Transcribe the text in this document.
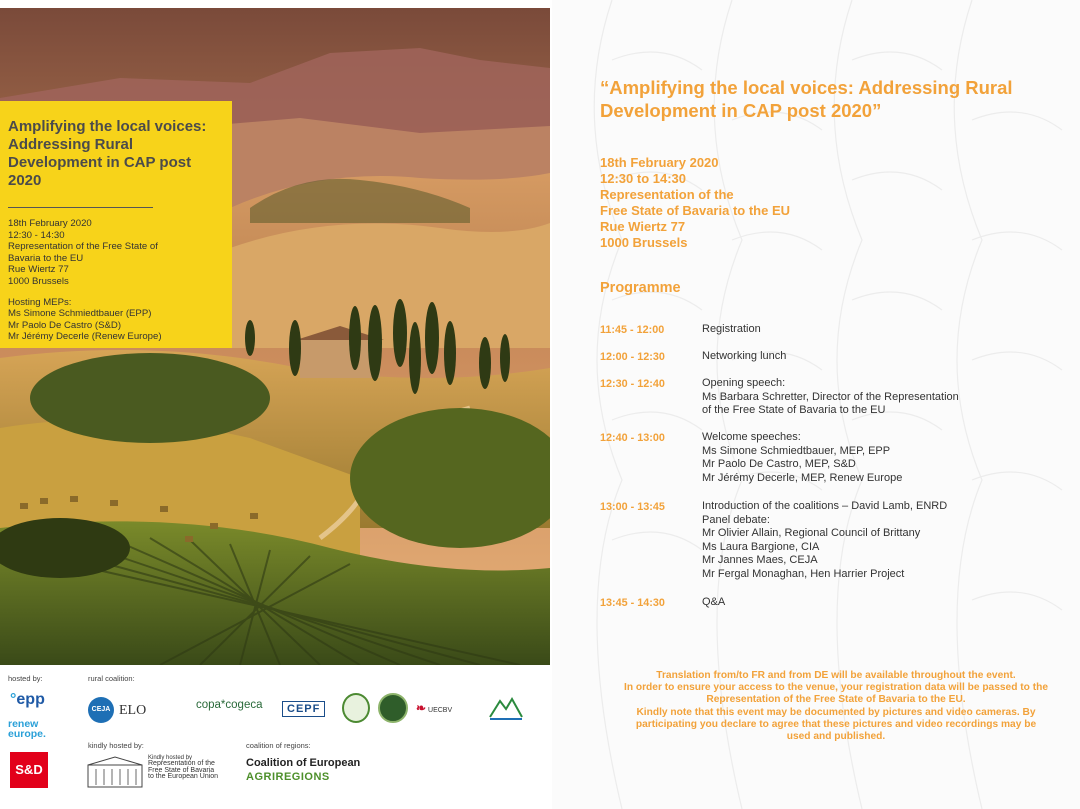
Amplifying the local voices: Addressing Rural Development in CAP post 2020
18th February 2020
12:30 - 14:30
Representation of the Free State of
Bavaria to the EU
Rue Wiertz 77
1000 Brussels
Hosting MEPs:
Ms Simone Schmiedtbauer (EPP)
Mr Paolo De Castro (S&D)
Mr Jérémy Decerle (Renew Europe)
hosted by:	rural coalition:
kindly hosted by:	coalition of regions:
°epp
renew
europe.
S&D
CEJA ELO	copa*cogeca	CEPF	❧ UECBV
Kindly hosted by
Representation of the
Free State of Bavaria
to the European Union
Coalition of European
AGRIREGIONS
“Amplifying the local voices: Addressing Rural Development in CAP post 2020”
18th February 2020
12:30 to 14:30
Representation of the
Free State of Bavaria to the EU
Rue Wiertz 77
1000 Brussels
Programme
11:45 - 12:00	Registration
12:00 - 12:30	Networking lunch
12:30 - 12:40	Opening speech:
Ms Barbara Schretter, Director of the Representation
of the Free State of Bavaria to the EU
12:40 - 13:00	Welcome speeches:
Ms Simone Schmiedtbauer, MEP, EPP
Mr Paolo De Castro, MEP, S&D
Mr Jérémy Decerle, MEP, Renew Europe
13:00 - 13:45	Introduction of the coalitions – David Lamb, ENRD
Panel debate:
Mr Olivier Allain, Regional Council of Brittany
Ms Laura Bargione, CIA
Mr Jannes Maes, CEJA
Mr Fergal Monaghan, Hen Harrier Project
13:45 - 14:30	Q&A
Translation from/to FR and from DE will be available throughout the event.
In order to ensure your access to the venue, your registration data will be passed to the
Representation of the Free State of Bavaria to the EU.
Kindly note that this event may be documented by pictures and video cameras. By
participating you declare to agree that these pictures and video recordings may be
used and published.
